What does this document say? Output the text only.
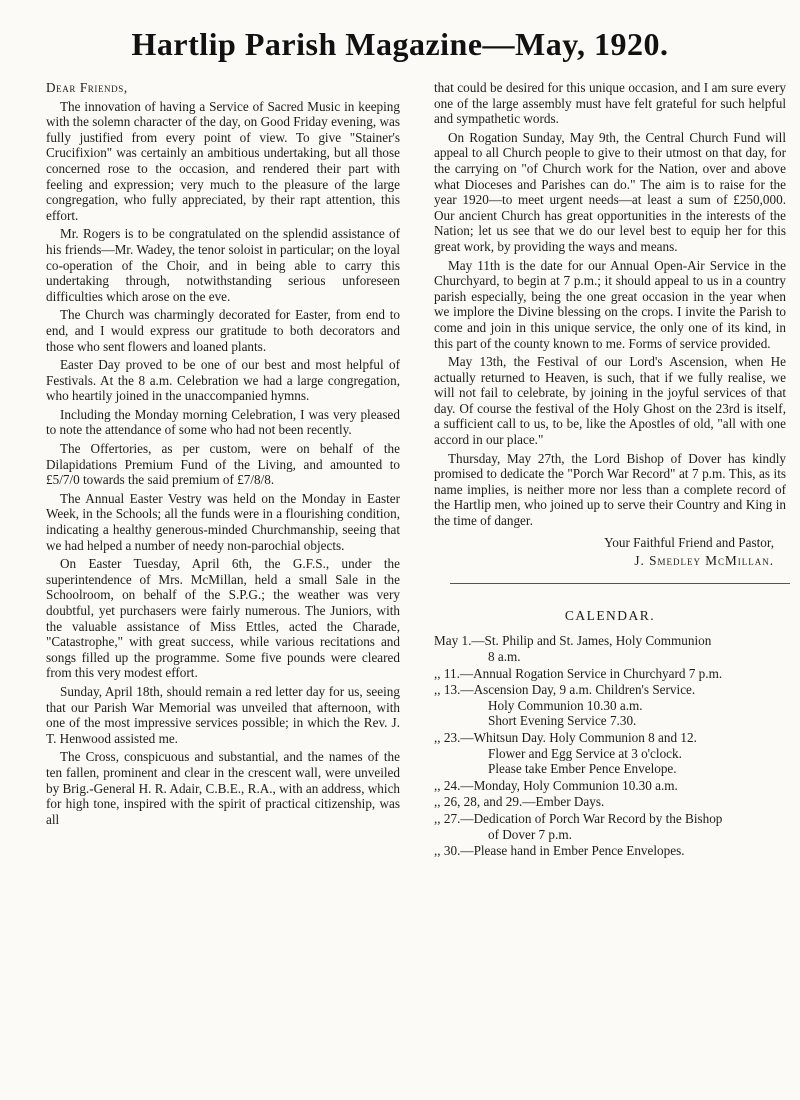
Hartlip Parish Magazine—May, 1920.

Dear Friends,

The innovation of having a Service of Sacred Music in keeping with the solemn character of the day, on Good Friday evening, was fully justified from every point of view. To give "Stainer's Crucifixion" was certainly an ambitious undertaking, but all those concerned rose to the occasion, and rendered their part with feeling and expression; very much to the pleasure of the large congregation, who fully appreciated, by their rapt attention, this effort.

Mr. Rogers is to be congratulated on the splendid assistance of his friends—Mr. Wadey, the tenor soloist in particular; on the loyal co-operation of the Choir, and in being able to carry this undertaking through, notwithstanding serious unforeseen difficulties which arose on the eve.

The Church was charmingly decorated for Easter, from end to end, and I would express our gratitude to both decorators and those who sent flowers and loaned plants.

Easter Day proved to be one of our best and most helpful of Festivals. At the 8 a.m. Celebration we had a large congregation, who heartily joined in the unaccompanied hymns.

Including the Monday morning Celebration, I was very pleased to note the attendance of some who had not been recently.

The Offertories, as per custom, were on behalf of the Dilapidations Premium Fund of the Living, and amounted to £5/7/0 towards the said premium of £7/8/8.

The Annual Easter Vestry was held on the Monday in Easter Week, in the Schools; all the funds were in a flourishing condition, indicating a healthy generous-minded Churchmanship, seeing that we had helped a number of needy non-parochial objects.

On Easter Tuesday, April 6th, the G.F.S., under the superintendence of Mrs. McMillan, held a small Sale in the Schoolroom, on behalf of the S.P.G.; the weather was very doubtful, yet purchasers were fairly numerous. The Juniors, with the valuable assistance of Miss Ettles, acted the Charade, "Catastrophe," with great success, while various recitations and songs filled up the programme. Some five pounds were cleared from this very modest effort.

Sunday, April 18th, should remain a red letter day for us, seeing that our Parish War Memorial was unveiled that afternoon, with one of the most impressive services possible; in which the Rev. J. T. Henwood assisted me.

The Cross, conspicuous and substantial, and the names of the ten fallen, prominent and clear in the crescent wall, were unveiled by Brig.-General H. R. Adair, C.B.E., R.A., with an address, which for high tone, inspired with the spirit of practical citizenship, was all

that could be desired for this unique occasion, and I am sure every one of the large assembly must have felt grateful for such helpful and sympathetic words.

On Rogation Sunday, May 9th, the Central Church Fund will appeal to all Church people to give to their utmost on that day, for the carrying on "of Church work for the Nation, over and above what Dioceses and Parishes can do." The aim is to raise for the year 1920—to meet urgent needs—at least a sum of £250,000. Our ancient Church has great opportunities in the interests of the Nation; let us see that we do our level best to equip her for this great work, by providing the ways and means.

May 11th is the date for our Annual Open-Air Service in the Churchyard, to begin at 7 p.m.; it should appeal to us in a country parish especially, being the one great occasion in the year when we implore the Divine blessing on the crops. I invite the Parish to come and join in this unique service, the only one of its kind, in this part of the county known to me. Forms of service provided.

May 13th, the Festival of our Lord's Ascension, when He actually returned to Heaven, is such, that if we fully realise, we will not fail to celebrate, by joining in the joyful services of that day. Of course the festival of the Holy Ghost on the 23rd is itself, a sufficient call to us, to be, like the Apostles of old, "all with one accord in our place."

Thursday, May 27th, the Lord Bishop of Dover has kindly promised to dedicate the "Porch War Record" at 7 p.m. This, as its name implies, is neither more nor less than a complete record of the Hartlip men, who joined up to serve their Country and King in the time of danger.

Your Faithful Friend and Pastor,

J. Smedley McMillan.

CALENDAR.
May 1.—St. Philip and St. James, Holy Communion
8 a.m.
,, 11.—Annual Rogation Service in Churchyard 7 p.m.
,, 13.—Ascension Day, 9 a.m. Children's Service.
Holy Communion 10.30 a.m.
Short Evening Service 7.30.
,, 23.—Whitsun Day. Holy Communion 8 and 12.
Flower and Egg Service at 3 o'clock.
Please take Ember Pence Envelope.
,, 24.—Monday, Holy Communion 10.30 a.m.
,, 26, 28, and 29.—Ember Days.
,, 27.—Dedication of Porch War Record by the Bishop
of Dover 7 p.m.
,, 30.—Please hand in Ember Pence Envelopes.
